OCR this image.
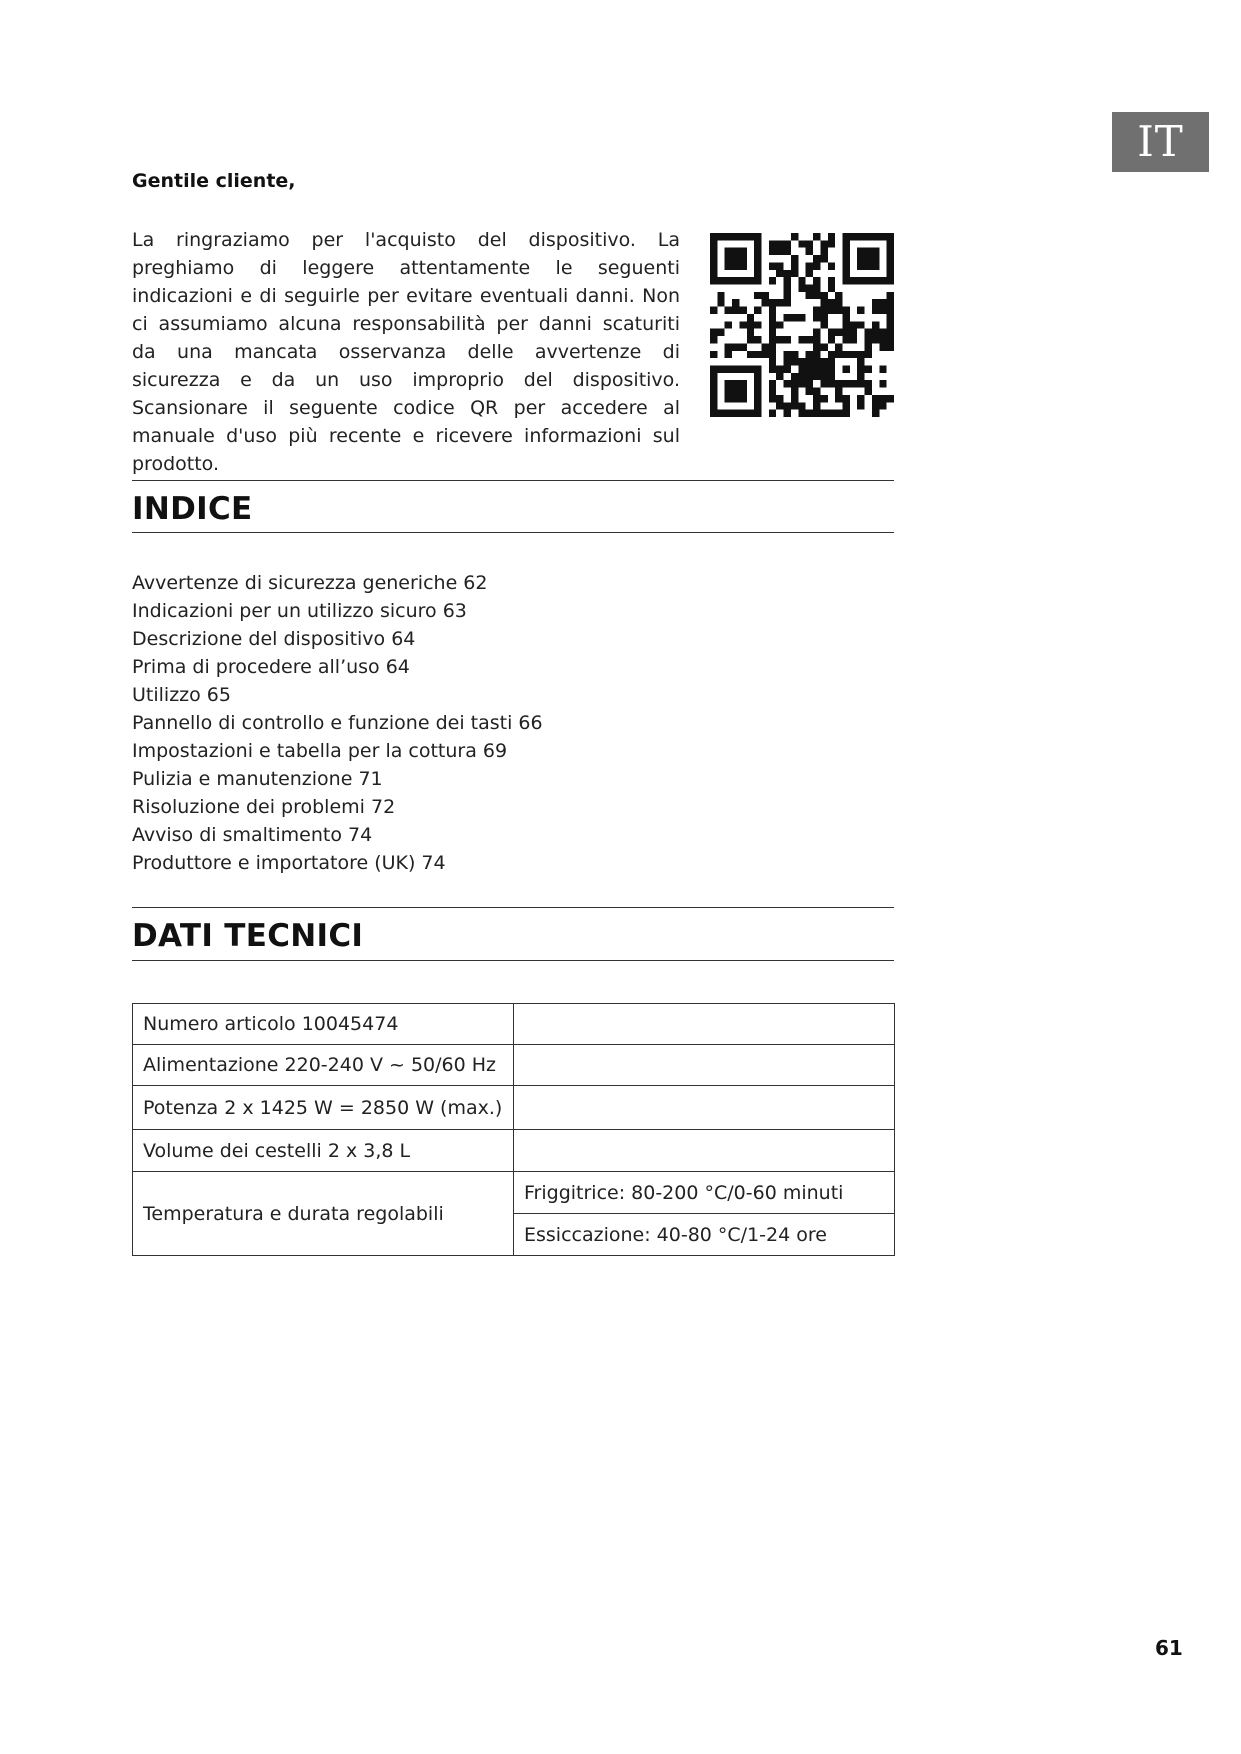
IT
Gentile cliente,

La ringraziamo per l'acquisto del dispositivo. La preghiamo di leggere attentamente le seguenti indicazioni e di seguirle per evitare eventuali danni. Non ci assumiamo alcuna responsabilità per danni scaturiti da una mancata osservanza delle avvertenze di sicurezza e da un uso improprio del dispositivo. Scansionare il seguente codice QR per accedere al manuale d'uso più recente e ricevere informazioni sul prodotto.

INDICE
Avvertenze di sicurezza generiche 62
Indicazioni per un utilizzo sicuro 63
Descrizione del dispositivo 64
Prima di procedere all’uso 64
Utilizzo 65
Pannello di controllo e funzione dei tasti 66
Impostazioni e tabella per la cottura 69
Pulizia e manutenzione 71
Risoluzione dei problemi 72
Avviso di smaltimento 74
Produttore e importatore (UK) 74
DATI TECNICI
Numero articolo 10045474	
Alimentazione 220-240 V ~ 50/60 Hz	
Potenza 2 x 1425 W = 2850 W (max.)	
Volume dei cestelli 2 x 3,8 L	
Temperatura e durata regolabili	Friggitrice: 80-200 °C/0-60 minuti
	Essiccazione: 40-80 °C/1-24 ore
61
